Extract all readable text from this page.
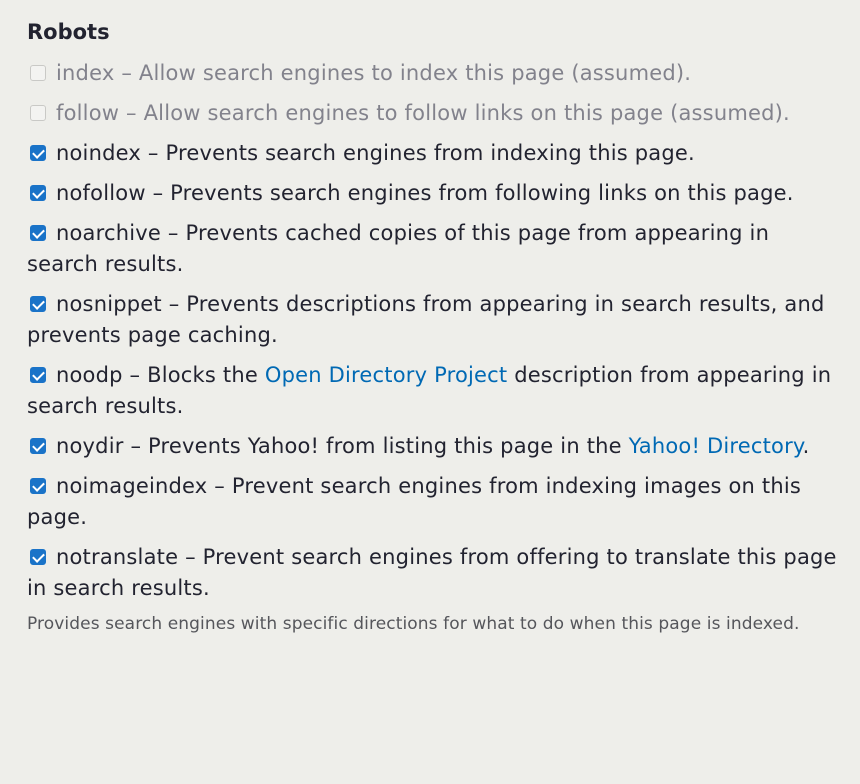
Robots
index – Allow search engines to index this page (assumed).
follow – Allow search engines to follow links on this page (assumed).
noindex – Prevents search engines from indexing this page.
nofollow – Prevents search engines from following links on this page.
noarchive – Prevents cached copies of this page from appearing in search results.
nosnippet – Prevents descriptions from appearing in search results, and prevents page caching.
noodp – Blocks the Open Directory Project description from appearing in search results.
noydir – Prevents Yahoo! from listing this page in the Yahoo! Directory.
noimageindex – Prevent search engines from indexing images on this page.
notranslate – Prevent search engines from offering to translate this page in search results.
Provides search engines with specific directions for what to do when this page is indexed.
